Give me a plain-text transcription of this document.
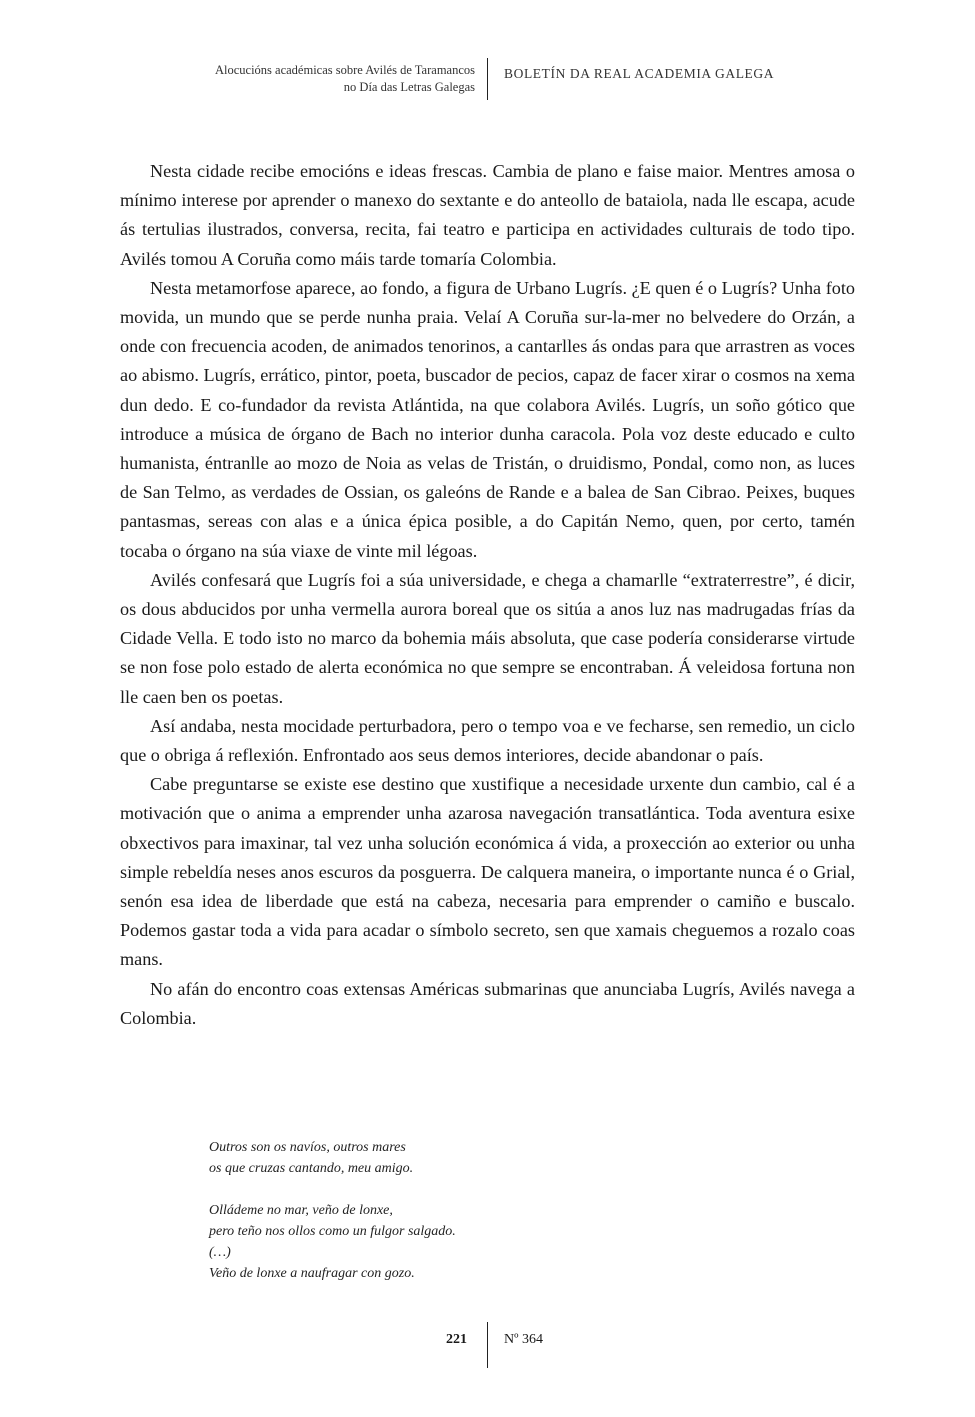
Alocucións académicas sobre Avilés de Taramancos
no Día das Letras Galegas
BOLETÍN DA REAL ACADEMIA GALEGA

Nesta cidade recibe emocións e ideas frescas. Cambia de plano e faise maior. Mentres amosa o mínimo interese por aprender o manexo do sextante e do anteollo de bataiola, nada lle escapa, acude ás tertulias ilustrados, conversa, recita, fai teatro e participa en actividades culturais de todo tipo. Avilés tomou A Coruña como máis tarde tomaría Colombia.

Nesta metamorfose aparece, ao fondo, a figura de Urbano Lugrís. ¿E quen é o Lugrís? Unha foto movida, un mundo que se perde nunha praia. Velaí A Coruña sur-la-mer no belvedere do Orzán, a onde con frecuencia acoden, de animados tenorinos, a cantarlles ás ondas para que arrastren as voces ao abismo. Lugrís, errático, pintor, poeta, buscador de pecios, capaz de facer xirar o cosmos na xema dun dedo. E co-fundador da revista Atlántida, na que colabora Avilés. Lugrís, un soño gótico que introduce a música de órgano de Bach no interior dunha caracola. Pola voz deste educado e culto humanista, éntranlle ao mozo de Noia as velas de Tristán, o druidismo, Pondal, como non, as luces de San Telmo, as verdades de Ossian, os galeóns de Rande e a balea de San Cibrao. Peixes, buques pantasmas, sereas con alas e a única épica posible, a do Capitán Nemo, quen, por certo, tamén tocaba o órgano na súa viaxe de vinte mil légoas.

Avilés confesará que Lugrís foi a súa universidade, e chega a chamarlle “extraterrestre”, é dicir, os dous abducidos por unha vermella aurora boreal que os sitúa a anos luz nas madrugadas frías da Cidade Vella. E todo isto no marco da bohemia máis absoluta, que case podería considerarse virtude se non fose polo estado de alerta económica no que sempre se encontraban. Á veleidosa fortuna non lle caen ben os poetas.

Así andaba, nesta mocidade perturbadora, pero o tempo voa e ve fecharse, sen remedio, un ciclo que o obriga á reflexión. Enfrontado aos seus demos interiores, decide abandonar o país.

Cabe preguntarse se existe ese destino que xustifique a necesidade urxente dun cambio, cal é a motivación que o anima a emprender unha azarosa navegación transatlántica. Toda aventura esixe obxectivos para imaxinar, tal vez unha solución económica á vida, a proxección ao exterior ou unha simple rebeldía neses anos escuros da posguerra. De calquera maneira, o importante nunca é o Grial, senón esa idea de liberdade que está na cabeza, necesaria para emprender o camiño e buscalo. Podemos gastar toda a vida para acadar o símbolo secreto, sen que xamais cheguemos a rozalo coas mans.

No afán do encontro coas extensas Américas submarinas que anunciaba Lugrís, Avilés navega a Colombia.

Outros son os navíos, outros mares
os que cruzas cantando, meu amigo.
Olládeme no mar, veño de lonxe,
pero teño nos ollos como un fulgor salgado.
(…)
Veño de lonxe a naufragar con gozo.
221	Nº 364
